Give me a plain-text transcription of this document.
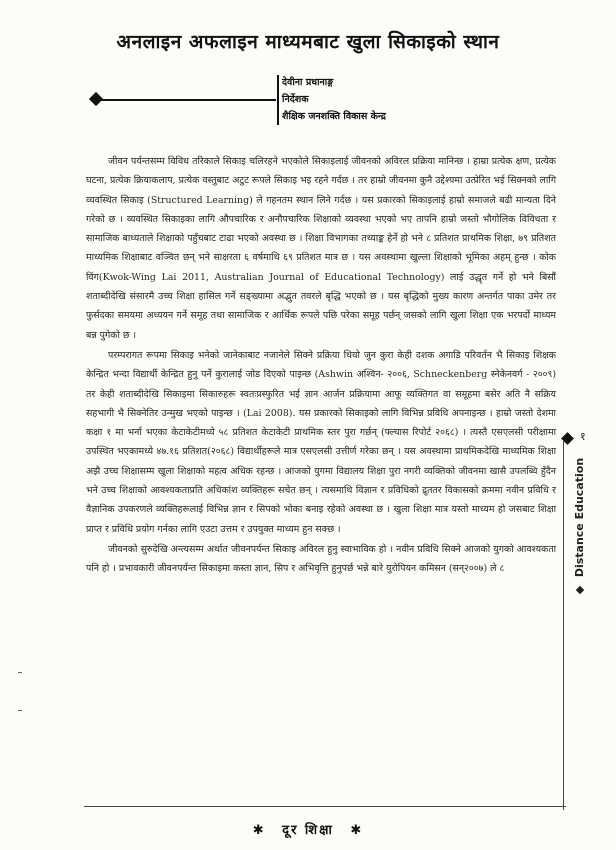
अनलाइन अफलाइन माध्यमबाट खुला सिकाइको स्थान
देवीना प्रधानाङ्ग
निर्देशक
शैक्षिक जनशक्ति विकास केन्द्र

जीवन पर्यन्तसम्म विविध तरिकाले सिकाइ चलिरहने भएकोले सिकाइलाई जीवनको अविरल प्रक्रिया मानिन्छ । हाम्रा प्रत्येक क्षण, प्रत्येक घटना, प्रत्येक क्रियाकलाप, प्रत्येक वस्तुबाट अटुट रूपले सिकाइ भइ रहने गर्दछ । तर हाम्रो जीवनमा कुनै उद्देश्यमा उत्प्रेरित भई सिक्नको लागि व्यवस्थित सिकाइ (Structured Learning) ले गहनतम स्थान लिने गर्दछ । यस प्रकारको सिकाइलाई हाम्रो समाजले बढी मान्यता दिने गरेको छ । व्यवस्थित सिकाइका लागि औपचारिक र अनौपचारिक शिक्षाको व्यवस्था भएको भए तापनि हाम्रो जस्तो भौगोलिक विविधता र सामाजिक बाध्यताले शिक्षाको पहुँचबाट टाढा भएको अवस्था छ । शिक्षा विभागका तथ्याङ्क हेर्ने हो भने ८ प्रतिशत प्राथमिक शिक्षा, ७९ प्रतिशत माध्यमिक शिक्षाबाट वञ्चित छन् भने साक्षरता ६ वर्षमाथि ६९ प्रतिशत मात्र छ । यस अवस्थामा खुल्ला शिक्षाको भूमिका अहम् हुन्छ । कोक विंग(Kwok-Wing Lai 2011, Australian Journal of Educational Technology) लाई उद्धृत गर्ने हो भने बिसौं शताब्दीदेखि संसारमै उच्च शिक्षा हासिल गर्ने सङ्ख्यामा अद्भुत तवरले बृद्धि भएको छ । यस बृद्धिको मुख्य कारण अन्तर्गत पाका उमेर तर फुर्सदका समयमा अध्ययन गर्ने समूह तथा सामाजिक र आर्थिक रूपले पछि परेका समूह पर्छन् जसको लागि खुला शिक्षा एक भरपर्दो माध्यम बन्न पुगेको छ ।

परम्परागत रूपमा सिकाइ भनेको जानेकाबाट नजानेले सिक्ने प्रक्रिया थियो जुन कुरा केही दशक अगाडि परिवर्तन भै सिकाइ शिक्षक केन्द्रित भन्दा विद्यार्थी केन्द्रित हुनु पर्ने कुरालाई जोड दिएको पाइन्छ (Ashwin अश्विन- २००६, Schneckenberg स्नेकेनवर्ग - २००९) तर केही शताब्दीदेखि सिकाइमा सिकारुहरू स्वतःप्रस्फुरित भई ज्ञान आर्जन प्रक्रियामा आफू व्यक्तिगत वा समूहमा बसेर अति नै सक्रिय सहभागी भै सिक्नेतिर उन्मुख भएको पाइन्छ । (Lai 2008). यस प्रकारको सिकाइको लागि विभिन्न प्रविधि अपनाइन्छ । हाम्रो जस्तो देशमा कक्षा १ मा भर्ना भएका केटाकेटीमध्ये ५८ प्रतिशत केटाकेटी प्राथमिक स्तर पुरा गर्छन् (फ्ल्यास रिपोर्ट २०६८) । त्यस्तै एसएलसी परीक्षामा उपस्थित भएकामध्ये ४७.१६ प्रतिशत(२०६८) विद्यार्थीहरूले मात्र एसएलसी उत्तीर्ण गरेका छन् । यस अवस्थामा प्राथमिकदेखि माध्यमिक शिक्षा अझै उच्च शिक्षासम्म खुला शिक्षाको महत्व अधिक रहन्छ । आजको युगमा विद्यालय शिक्षा पुरा नगरी व्यक्तिको जीवनमा खासै उपलब्धि हुँदैन भने उच्च शिक्षाको आवश्यकताप्रति अधिकांश व्यक्तिहरू सचेत छन् । त्यसमाथि विज्ञान र प्रविधिको द्रुततर विकासको क्रममा नवीन प्रविधि र वैज्ञानिक उपकरणले व्यक्तिहरूलाई विभिन्न ज्ञान र सिपको भोका बनाइ रहेको अवस्था छ । खुला शिक्षा मात्र यस्तो माध्यम हो जसबाट शिक्षा प्राप्त र प्रविधि प्रयोग गर्नका लागि एउटा उत्तम र उपयुक्त माध्यम हुन सक्छ ।

जीवनको सुरुदेखि अन्त्यसम्म अर्थात जीवनपर्यन्त सिकाइ अविरल हुनु स्वाभाविक हो । नवीन प्रविधि सिक्ने आजको युगको आवश्यकता पनि हो । प्रभावकारी जीवनपर्यन्त सिकाइमा कस्ता ज्ञान, सिप र अभिवृत्ति हुनुपर्छ भन्ने बारे युरोपियन कमिसन (सन्२००७) ले ८

१
Distance Education
✱ दूर शिक्षा ✱
